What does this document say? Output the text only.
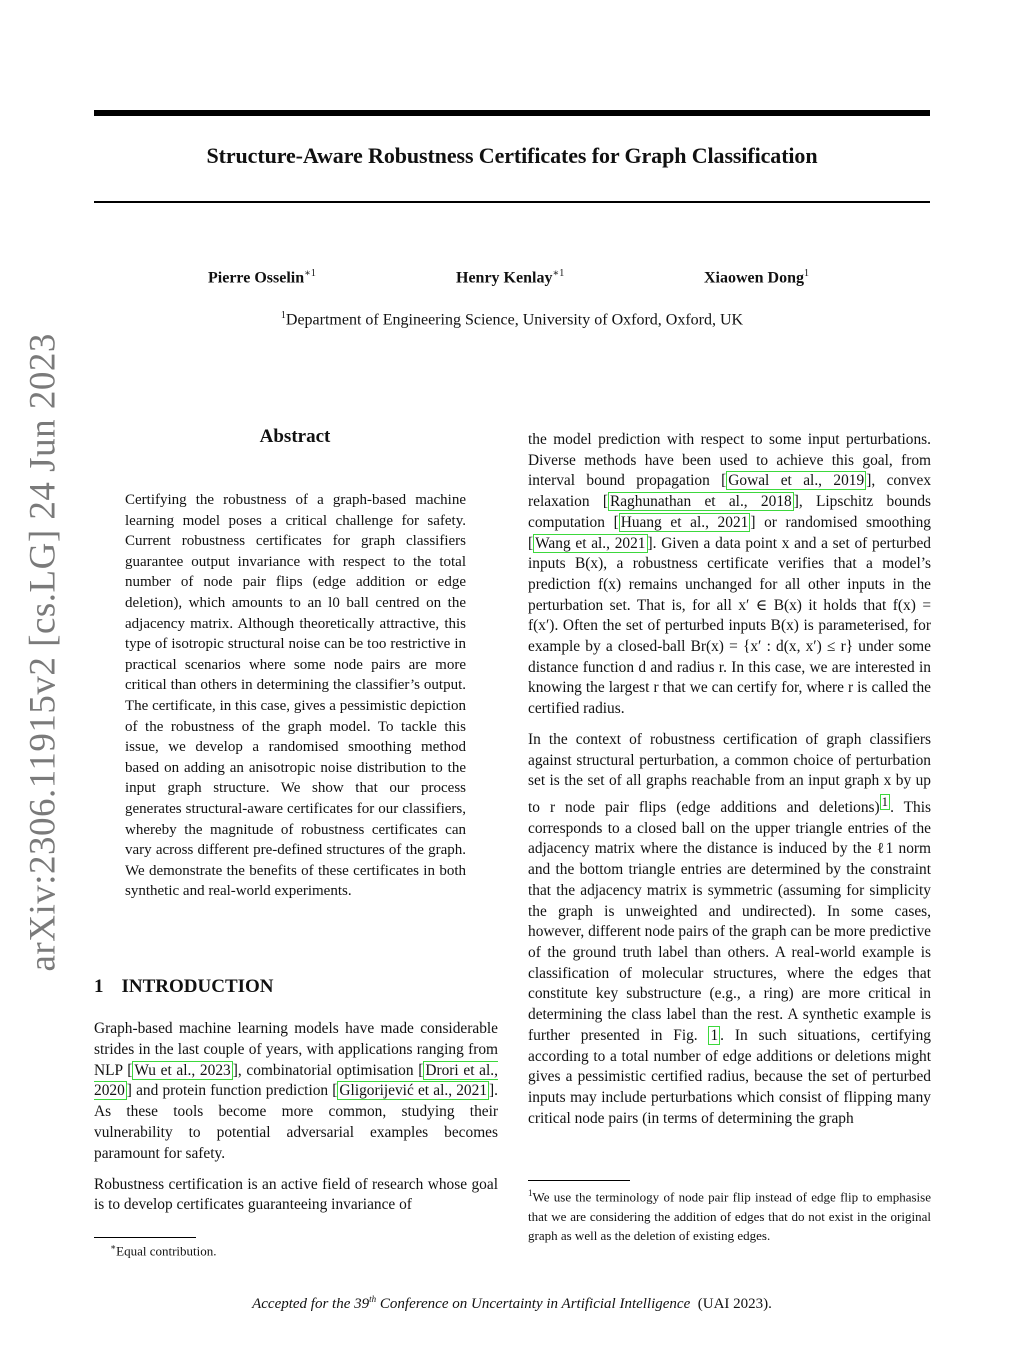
Structure-Aware Robustness Certificates for Graph Classification
Pierre Osselin$^{∗1}$	Henry Kenlay$^{∗1}$	Xiaowen Dong$^1$
$^1$Department of Engineering Science, University of Oxford, Oxford, UK
arXiv:2306.11915v2 [cs.LG] 24 Jun 2023	Abstract
Certifying the robustness of a graph-based machine learning model poses a critical challenge for safety. Current robustness certificates for graph classifiers guarantee output invariance with respect to the total number of node pair flips (edge addition or edge deletion), which amounts to an l0 ball centred on the adjacency matrix. Although theoretically attractive, this type of isotropic structural noise can be too restrictive in practical scenarios where some node pairs are more critical than others in determining the classifier’s output. The certificate, in this case, gives a pessimistic depiction of the robustness of the graph model. To tackle this issue, we develop a randomised smoothing method based on adding an anisotropic noise distribution to the input graph structure. We show that our process generates structural-aware certificates for our classifiers, whereby the magnitude of robustness certificates can vary across different pre-defined structures of the graph. We demonstrate the benefits of these certificates in both synthetic and real-world experiments.
1 INTRODUCTION

Graph-based machine learning models have made considerable strides in the last couple of years, with applications ranging from NLP [ Wu et al., 2023 ], combinatorial optimisation [ Drori et al., 2020 ] and protein function prediction [ Gligorijević et al., 2021 ]. As these tools become more common, studying their vulnerability to potential adversarial examples becomes paramount for safety.

Robustness certification is an active field of research whose goal is to develop certificates guaranteeing invariance of

∗Equal contribution.

the model prediction with respect to some input perturbations. Diverse methods have been used to achieve this goal, from interval bound propagation [ Gowal et al., 2019 ], convex relaxation [ Raghunathan et al., 2018 ], Lipschitz bounds computation [ Huang et al., 2021 ] or randomised smoothing [ Wang et al., 2021 ]. Given a data point x and a set of perturbed inputs B(x), a robustness certificate verifies that a model’s prediction f(x) remains unchanged for all other inputs in the perturbation set. That is, for all x′ ∈ B(x) it holds that f(x) = f(x′). Often the set of perturbed inputs B(x) is parameterised, for example by a closed-ball Br(x) = {x′ : d(x, x′) ≤ r} under some distance function d and radius r. In this case, we are interested in knowing the largest r that we can certify for, where r is called the certified radius.

In the context of robustness certification of graph classifiers against structural perturbation, a common choice of perturbation set is the set of all graphs reachable from an input graph x by up to r node pair flips (edge additions and deletions) $^1$ . This corresponds to a closed ball on the upper triangle entries of the adjacency matrix where the distance is induced by the ℓ1 norm and the bottom triangle entries are determined by the constraint that the adjacency matrix is symmetric (assuming for simplicity the graph is unweighted and undirected). In some cases, however, different node pairs of the graph can be more predictive of the ground truth label than others. A real-world example is classification of molecular structures, where the edges that constitute key substructure (e.g., a ring) are more critical in determining the class label than the rest. A synthetic example is further presented in Fig. 1 . In such situations, certifying according to a total number of edge additions or deletions might gives a pessimistic certified radius, because the set of perturbed inputs may include perturbations which consist of flipping many critical node pairs (in terms of determining the graph

$^1$We use the terminology of node pair flip instead of edge flip to emphasise that we are considering the addition of edges that do not exist in the original graph as well as the deletion of existing edges.
Accepted for the 39th Conference on Uncertainty in Artificial Intelligence (UAI 2023).
